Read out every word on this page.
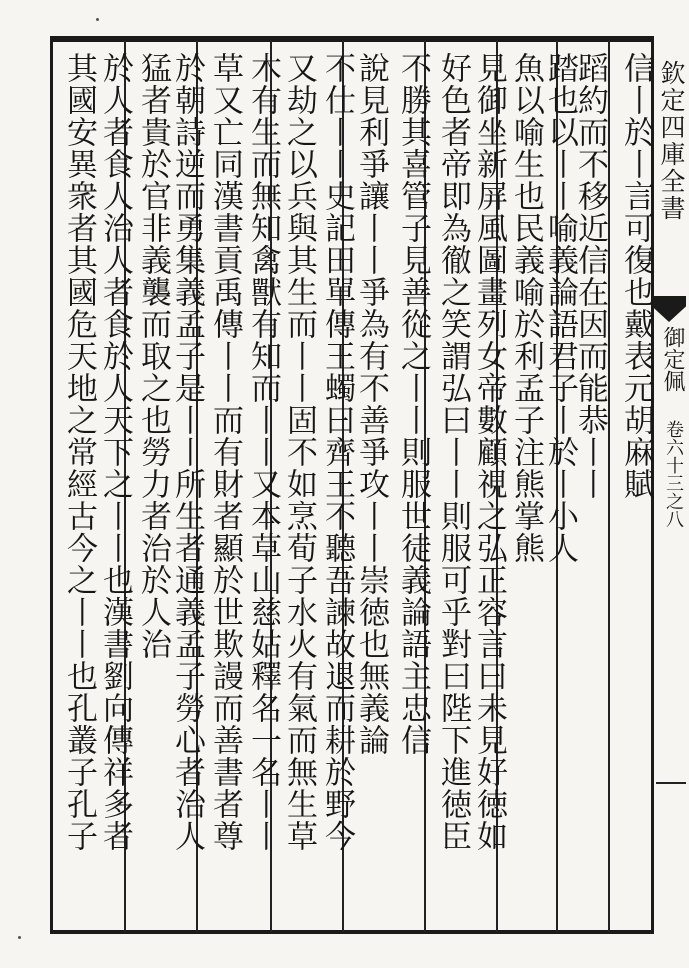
信丨於丨言可復也戴表元胡麻賦
蹈約而不移近信在因而能恭丨丨
踏也以丨丨喻義論語君子丨於丨小人
魚以喻生也民義喻於利孟子注熊掌熊
見御坐新屏風圖畫列女帝數顧視之弘正容言曰未見好徳如
好色者帝即為徹之笑謂弘曰丨丨則服可乎對曰陛下進徳臣
不勝其喜管子見善從之丨丨則服世徒義論語主忠信
說見利爭讓丨丨爭為有不善爭攻丨丨崇徳也無義論
不仕丨丨史記田單傳王蠋曰齊王不聽吾諫故退而耕於野今
又劫之以兵與其生而丨丨固不如烹荀子水火有氣而無生草
木有生而無知禽獸有知而丨丨又本草山慈姑釋名一名丨丨
草又亡同漢書貢禹傳丨丨而有財者顯於世欺謾而善書者尊
於朝詩逆而勇集義孟子是丨丨所生者通義孟子勞心者治人
猛者貴於官非義襲而取之也勞力者治於人治
於人者食人治人者食於人天下之丨丨也漢書劉向傳祥多者
其國安異衆者其國危天地之常經古今之丨丨也孔叢子孔子	欽定四庫全書
御定佩
卷六十三之八
